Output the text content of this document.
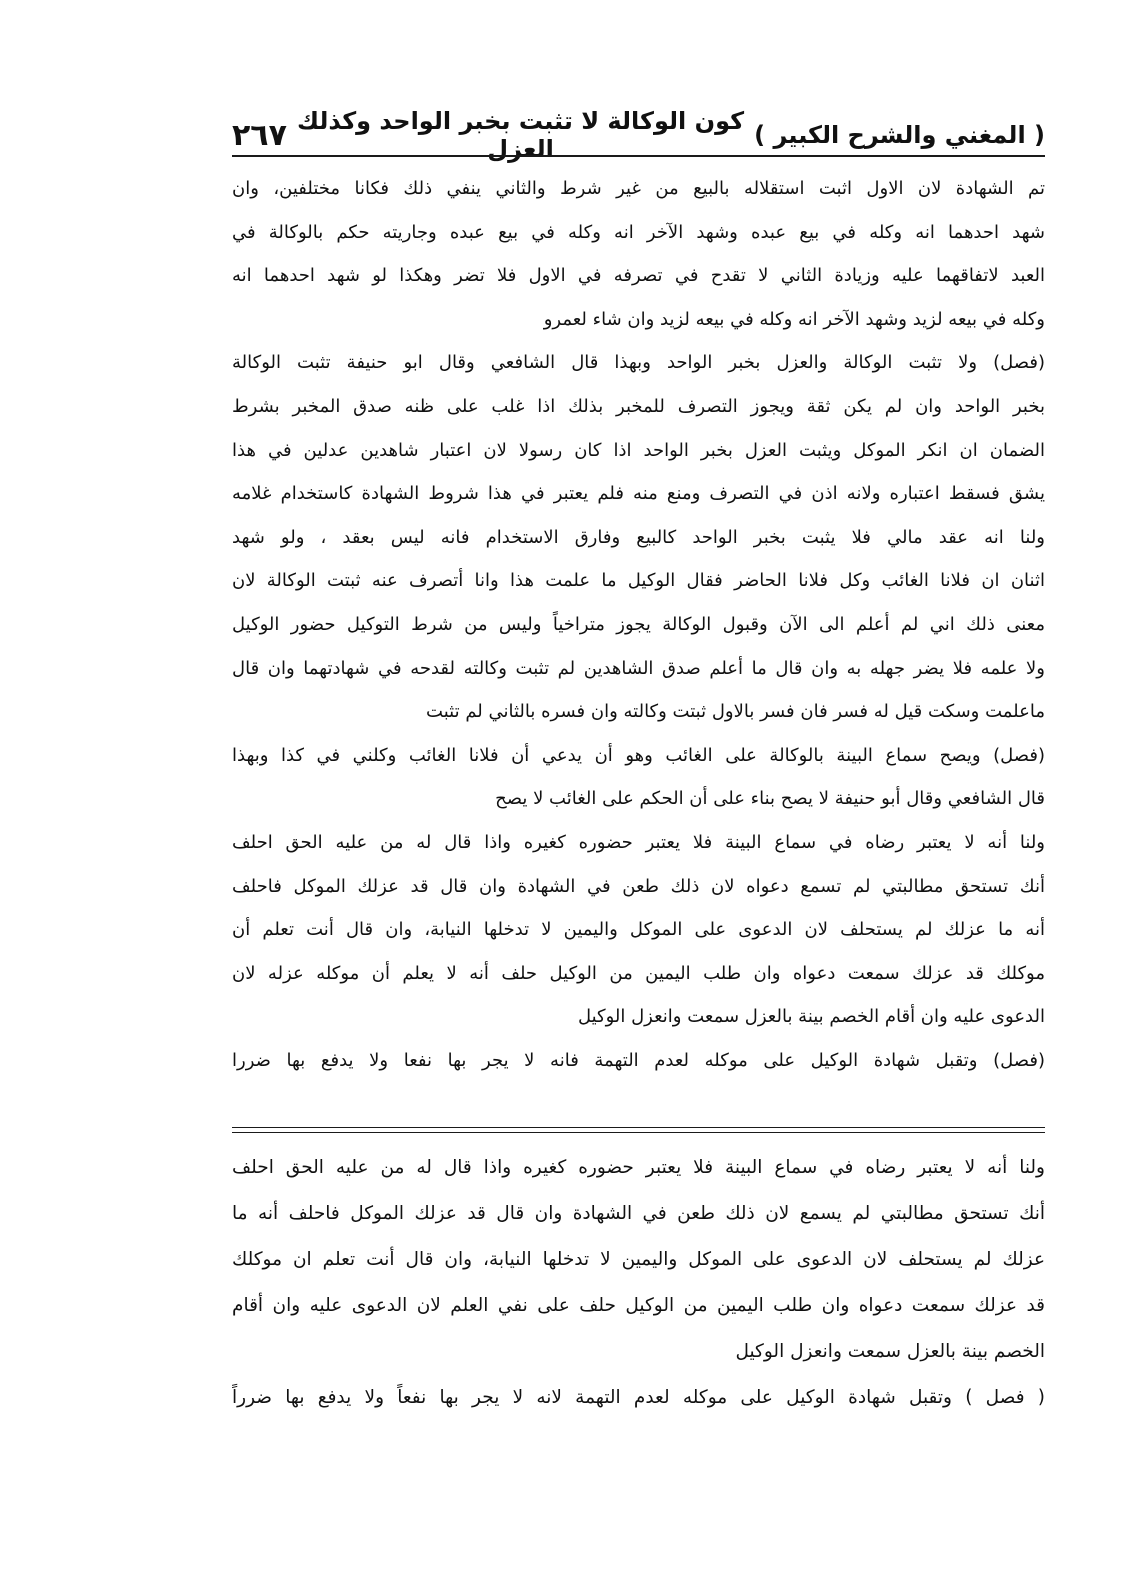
( المغني والشرح الكبير )
كون الوكالة لا تثبت بخبر الواحد وكذلك العزل
٢٦٧
تم الشهادة لان الاول اثبت استقلاله بالبيع من غير شرط والثاني ينفي ذلك فكانا مختلفين، وان
شهد احدهما انه وكله في بيع عبده وشهد الآخر انه وكله في بيع عبده وجاريته حكم بالوكالة في
العبد لاتفاقهما عليه وزيادة الثاني لا تقدح في تصرفه في الاول فلا تضر وهكذا لو شهد احدهما انه
وكله في بيعه لزيد وشهد الآخر انه وكله في بيعه لزيد وان شاء لعمرو
(فصل) ولا تثبت الوكالة والعزل بخبر الواحد وبهذا قال الشافعي وقال ابو حنيفة تثبت الوكالة
بخبر الواحد وان لم يكن ثقة ويجوز التصرف للمخبر بذلك اذا غلب على ظنه صدق المخبر بشرط
الضمان ان انكر الموكل ويثبت العزل بخبر الواحد اذا كان رسولا لان اعتبار شاهدين عدلين في هذا
يشق فسقط اعتباره ولانه اذن في التصرف ومنع منه فلم يعتبر في هذا شروط الشهادة كاستخدام غلامه
ولنا انه عقد مالي فلا يثبت بخبر الواحد كالبيع وفارق الاستخدام فانه ليس بعقد ، ولو شهد
اثنان ان فلانا الغائب وكل فلانا الحاضر فقال الوكيل ما علمت هذا وانا أتصرف عنه ثبتت الوكالة لان
معنى ذلك اني لم أعلم الى الآن وقبول الوكالة يجوز متراخياً وليس من شرط التوكيل حضور الوكيل
ولا علمه فلا يضر جهله به وان قال ما أعلم صدق الشاهدين لم تثبت وكالته لقدحه في شهادتهما وان قال
ماعلمت وسكت قيل له فسر فان فسر بالاول ثبتت وكالته وان فسره بالثاني لم تثبت
(فصل) ويصح سماع البينة بالوكالة على الغائب وهو أن يدعي أن فلانا الغائب وكلني في كذا وبهذا
قال الشافعي وقال أبو حنيفة لا يصح بناء على أن الحكم على الغائب لا يصح
ولنا أنه لا يعتبر رضاه في سماع البينة فلا يعتبر حضوره كغيره واذا قال له من عليه الحق احلف
أنك تستحق مطالبتي لم تسمع دعواه لان ذلك طعن في الشهادة وان قال قد عزلك الموكل فاحلف
أنه ما عزلك لم يستحلف لان الدعوى على الموكل واليمين لا تدخلها النيابة، وان قال أنت تعلم أن
موكلك قد عزلك سمعت دعواه وان طلب اليمين من الوكيل حلف أنه لا يعلم أن موكله عزله لان
الدعوى عليه وان أقام الخصم بينة بالعزل سمعت وانعزل الوكيل
(فصل) وتقبل شهادة الوكيل على موكله لعدم التهمة فانه لا يجر بها نفعا ولا يدفع بها ضررا
ولنا أنه لا يعتبر رضاه في سماع البينة فلا يعتبر حضوره كغيره واذا قال له من عليه الحق احلف
أنك تستحق مطالبتي لم يسمع لان ذلك طعن في الشهادة وان قال قد عزلك الموكل فاحلف أنه ما
عزلك لم يستحلف لان الدعوى على الموكل واليمين لا تدخلها النيابة، وان قال أنت تعلم ان موكلك
قد عزلك سمعت دعواه وان طلب اليمين من الوكيل حلف على نفي العلم لان الدعوى عليه وان أقام
الخصم بينة بالعزل سمعت وانعزل الوكيل
( فصل ) وتقبل شهادة الوكيل على موكله لعدم التهمة لانه لا يجر بها نفعاً ولا يدفع بها ضرراً
